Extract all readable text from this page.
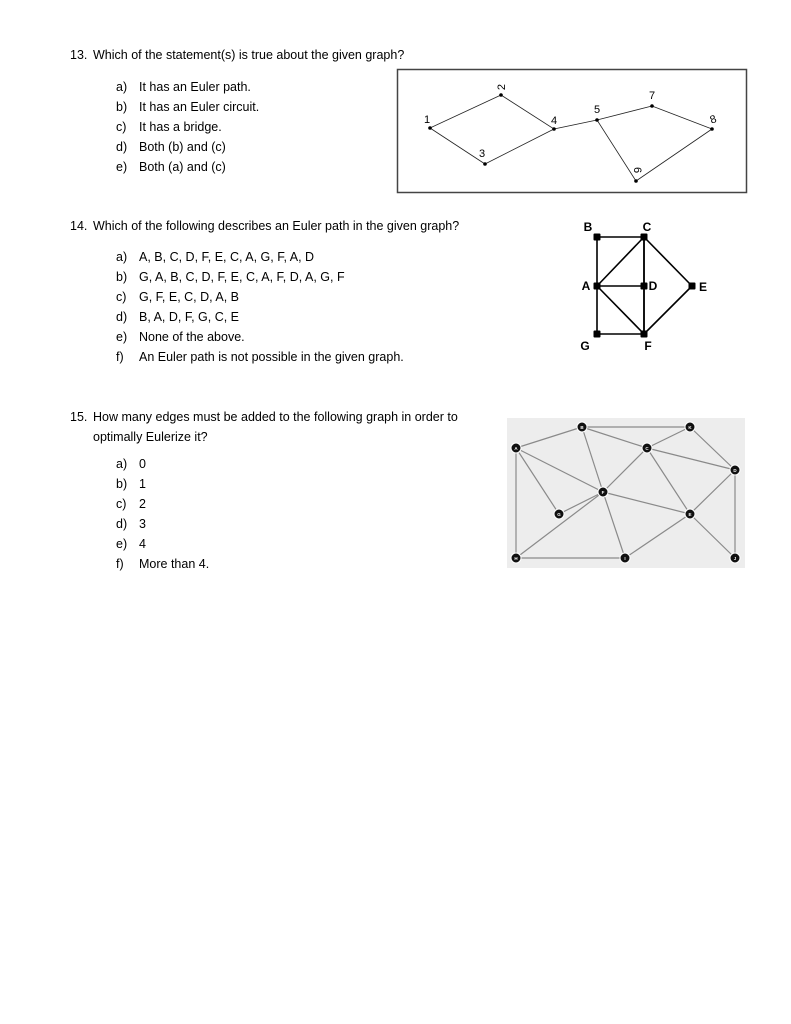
13. Which of the statement(s) is true about the given graph?
a) It has an Euler path.
b) It has an Euler circuit.
c) It has a bridge.
d) Both (b) and (c)
e) Both (a) and (c)
1
2
3
4
5
6
7
8
14. Which of the following describes an Euler path in the given graph?
a) A, B, C, D, F, E, C, A, G, F, A, D
b) G, A, B, C, D, F, E, C, A, F, D, A, G, F
c) G, F, E, C, D, A, B
d) B, A, D, F, G, C, E
e) None of the above.
f) An Euler path is not possible in the given graph.
A
B	C
D	E
F
G
15. How many edges must be added to the following graph in order to
optimally Eulerize it?
a) 0
b) 1
c) 2
d) 3
e) 4
f) More than 4.
A
B
C
D
E
F
G
H	I	J
K
